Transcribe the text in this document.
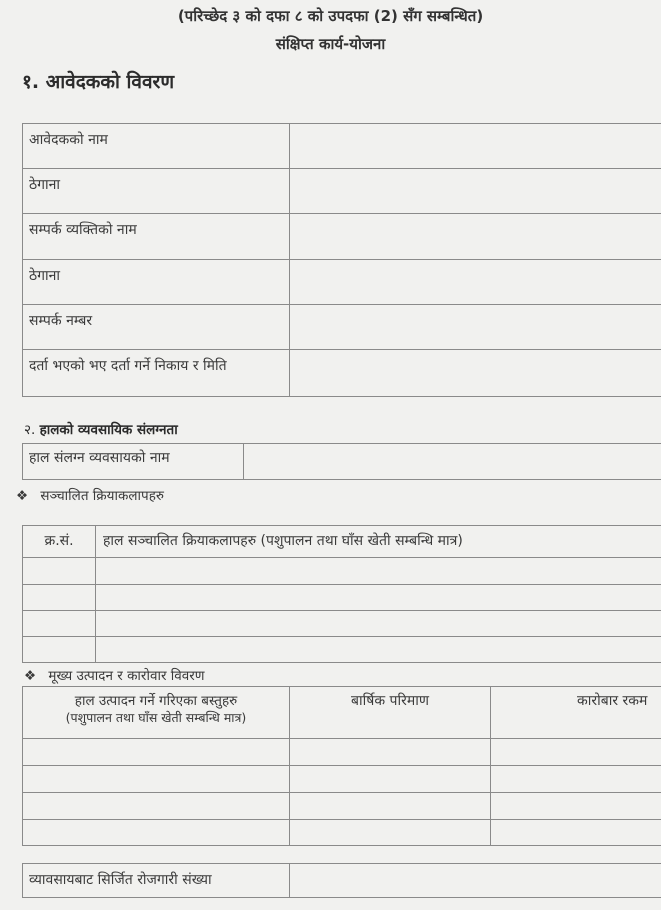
(परिच्छेद ३ को दफा ८ को उपदफा (2) सँग सम्बन्धित)
संक्षिप्त कार्य-योजना
१. आवेदकको विवरण
आवेदकको नाम	

ठेगाना	

सम्पर्क व्यक्तिको नाम	

ठेगाना	

सम्पर्क नम्बर	

दर्ता भएको भए दर्ता गर्ने निकाय र मिति	

२. हालको व्यवसायिक संलग्नता
हाल संलग्न व्यवसायको नाम

❖ सञ्चालित क्रियाकलापहरु
क्र.सं.	हाल सञ्चालित क्रियाकलापहरु (पशुपालन तथा घाँस खेती सम्बन्धि मात्र)

❖ मूख्य उत्पादन र कारोवार विवरण
हाल उत्पादन गर्ने गरिएका बस्तुहरु
(पशुपालन तथा घाँस खेती सम्बन्धि मात्र)	बार्षिक परिमाण	कारोबार रकम

व्यावसायबाट सिर्जित रोजगारी संख्या
